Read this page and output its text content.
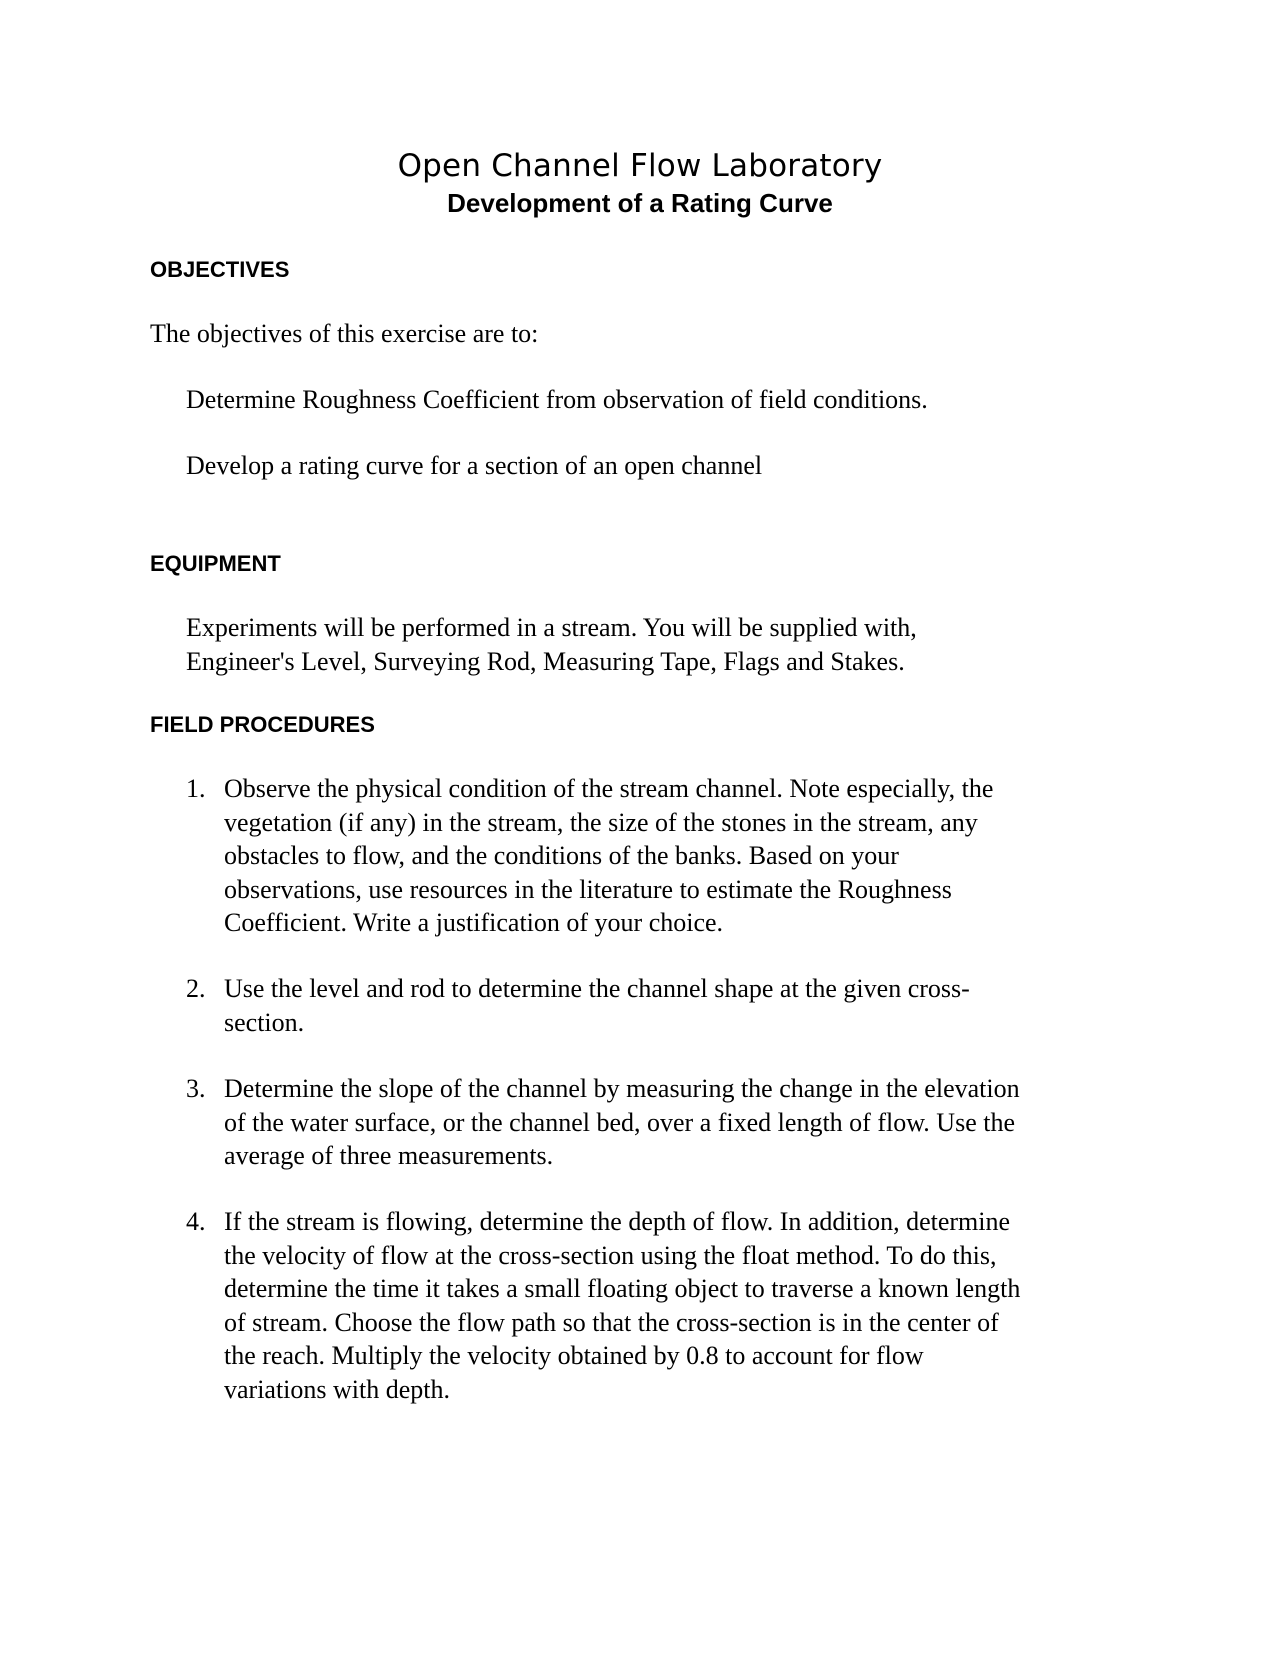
Open Channel Flow Laboratory
Development of a Rating Curve
OBJECTIVES
The objectives of this exercise are to:
Determine Roughness Coefficient from observation of field conditions.
Develop a rating curve for a section of an open channel
EQUIPMENT
Experiments will be performed in a stream. You will be supplied with,
Engineer's Level, Surveying Rod, Measuring Tape, Flags and Stakes.
FIELD PROCEDURES
1. Observe the physical condition of the stream channel. Note especially, the
vegetation (if any) in the stream, the size of the stones in the stream, any
obstacles to flow, and the conditions of the banks. Based on your
observations, use resources in the literature to estimate the Roughness
Coefficient. Write a justification of your choice.
2. Use the level and rod to determine the channel shape at the given cross-
section.
3. Determine the slope of the channel by measuring the change in the elevation
of the water surface, or the channel bed, over a fixed length of flow. Use the
average of three measurements.
4. If the stream is flowing, determine the depth of flow. In addition, determine
the velocity of flow at the cross-section using the float method. To do this,
determine the time it takes a small floating object to traverse a known length
of stream. Choose the flow path so that the cross-section is in the center of
the reach. Multiply the velocity obtained by 0.8 to account for flow
variations with depth.
